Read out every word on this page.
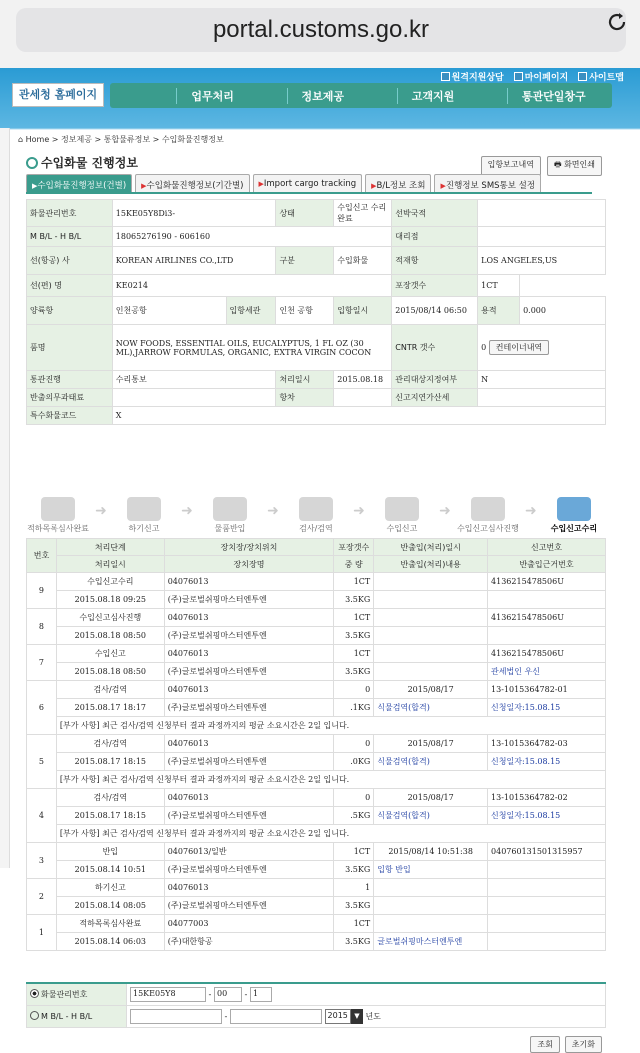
portal.customs.go.kr
원격지원상담 마이페이지 사이트맵
관세청 홈페이지	업무처리	정보제공	고객지원	통관단일창구
⌂ Home > 정보제공 > 통합물류정보 > 수입화물진행정보
수입화물 진행정보	입항보고내역	🖶 화면인쇄
▶수입화물진행정보(건별)	▶수입화물진행정보(기간별)	▶Import cargo tracking	▶B/L정보 조회	▶진행정보 SMS통보 설정
화물관리번호	15KE05Y8Di3-		상태	수입신고 수리 완료	선박국적		
M B/L - H B/L	18065276190 - 606160				대리점		
선(항공) 사	KOREAN AIRLINES CO.,LTD		구분	수입화물	적재항	LOS ANGELES,US	
선(편) 명	KE0214				포장갯수	1CT
양륙항	인천공항	입항세관	인천 공항	입항일시	2015/08/14 06:50	용적	0.000
품명	NOW FOODS, ESSENTIAL OILS, EUCALYPTUS, 1 FL OZ (30 ML),JARROW FORMULAS, ORGANIC, EXTRA VIRGIN COCON				CNTR 갯수	0 컨테이너내역	
통관진행	수리통보		처리일시	2015.08.18	관리대상지정여부	N	
반출의무과태료			항차		신고지연가산세		
특수화물코드	X						
적하목록심사완료
➜
하기신고
➜
물품반입
➜
검사/검역
➜
수입신고
➜
수입신고심사진행
➜
수입신고수리
번호	처리단계	장치장/장치위치	포장갯수	반출입(처리)일시	신고번호
	처리일시	장치장명	중 량	반출입(처리)내용	반출입근거번호
9	수입신고수리	04076013	1CT		4136215478506U
	2015.08.18 09:25	(주)글로벌쉬핑마스터엔투엔	3.5KG		
8	수입신고심사진행	04076013	1CT		4136215478506U
	2015.08.18 08:50	(주)글로벌쉬핑마스터엔투엔	3.5KG		
7	수입신고	04076013	1CT		4136215478506U
	2015.08.18 08:50	(주)글로벌쉬핑마스터엔투엔	3.5KG		관세법인 우신
6	검사/검역	04076013	0	2015/08/17	13-1015364782-01
	2015.08.17 18:17	(주)글로벌쉬핑마스터엔투엔	.1KG	식물검역(합격)	신청일자:15.08.15
	[부가 사항] 최근 검사/검역 신청부터 결과 과정까지의 평균 소요시간은 2일 입니다.				
5	검사/검역	04076013	0	2015/08/17	13-1015364782-03
	2015.08.17 18:15	(주)글로벌쉬핑마스터엔투엔	.0KG	식물검역(합격)	신청일자:15.08.15
	[부가 사항] 최근 검사/검역 신청부터 결과 과정까지의 평균 소요시간은 2일 입니다.				
4	검사/검역	04076013	0	2015/08/17	13-1015364782-02
	2015.08.17 18:15	(주)글로벌쉬핑마스터엔투엔	.5KG	식물검역(합격)	신청일자:15.08.15
	[부가 사항] 최근 검사/검역 신청부터 결과 과정까지의 평균 소요시간은 2일 입니다.				
3	반입	04076013/일반	1CT	2015/08/14 10:51:38	040760131501315957
	2015.08.14 10:51	(주)글로벌쉬핑마스터엔투엔	3.5KG	입항 반입	
2	하기신고	04076013	1		
	2015.08.14 08:05	(주)글로벌쉬핑마스터엔투엔	3.5KG		
1	적하목록심사완료	04077003	1CT		
	2015.08.14 06:03	(주)대한항공	3.5KG	글로벌쉬핑마스터엔투엔	
화물관리번호	15KE05Y8 - 00 - 1
M B/L - H B/L	- 2015 ▼ 년도
조회	초기화
